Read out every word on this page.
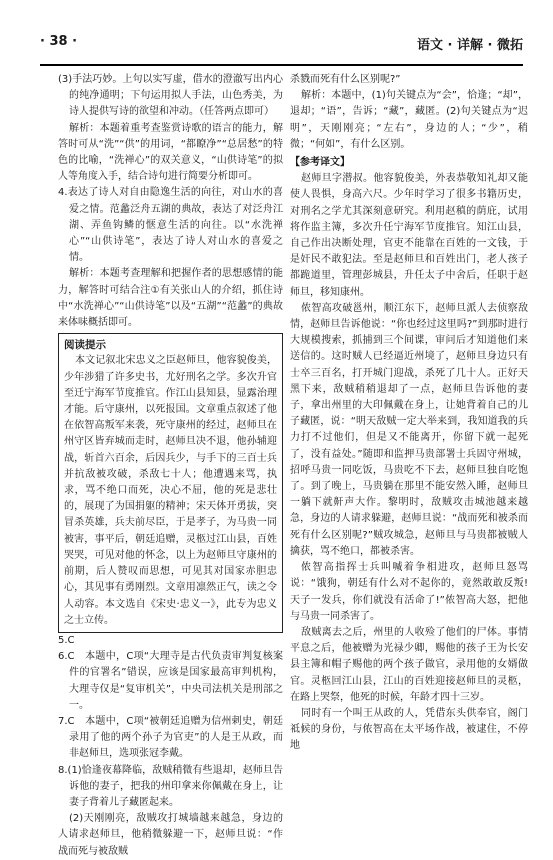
· 38 ·	语文 · 详解 · 微拓

(3)手法巧妙。上句以实写虚，借水的澄澈写出内心的纯净通明；下句运用拟人手法，山色秀美，为诗人提供写诗的欲望和冲动。（任答两点即可）

解析：本题着重考查鉴赏诗歌的语言的能力，解答时可从“洗”“供”的用词，“都瞭净”“总居愁”的特色的比喻，“洗禅心”的双关意义，“山供诗笔”的拟人等角度入手，结合诗句进行简要分析即可。

4.表达了诗人对自由隐逸生活的向往，对山水的喜爱之情。范蠡泛舟五湖的典故，表达了对泛舟江湖、弄鱼钩鳞的惬意生活的向往。以“水洗禅心”“山供诗笔”，表达了诗人对山水的喜爱之情。

解析：本题考查理解和把握作者的思想感情的能力，解答时可结合注①有关张山人的介绍，抓住诗中“水洗禅心”“山供诗笔”以及“五湖”“范蠡”的典故来体味概括即可。

阅读提示

本文记叙北宋忠义之臣赵师旦，他容貌俊美，少年涉猎了许多史书，尤好刑名之学。多次升官至迁宁海军节度推官。作江山县知县，显露治理才能。后守康州，以死报国。文章重点叙述了他在依智高叛军来袭，死守康州的经过，赵师旦在州守区皆弃城而走时，赵师旦决不退，他孙辅迎战，斩首六百余，后因兵少，与手下的三百士兵并抗敌被攻破，杀敌七十人；他遭遇来骂，执求，骂不绝口而死，决心不屈，他的死是悲壮的，展现了为国捐躯的精神；宋天体开勇拔，突冒杀英雄，兵夫前尽臣，于是孝子，为马贵一同被害，事平后，朝廷追赠，灵柩过江山县，百姓哭哭，可见对他的怀念，以上为赵师旦守康州的前期，后人赞叹而思想，可见其对国家赤胆忠心，其见事有勇刚烈。文章用凛然正气，读之令人动容。本文选自《宋史·忠义一》，此专为忠义之士立传。

5.C

6.C　本题中，C项“大理寺是古代负责审判复核案件的官署名”错误，应该是国家最高审判机构，大理寺仅是“复审机关”，中央司法机关是刑部之一。

7.C　本题中，C项“被朝廷追赠为信州剌史，朝廷录用了他的两个孙子为官吏”的人是王从政，而非赵师旦，选项张冠李戴。

8.(1)恰逢夜幕降临，敌贼稍微有些退却，赵师旦告诉他的妻子，把我的州印拿来你佩戴在身上，让妻子背着儿子藏匿起来。

(2)天刚刚亮，敌贼攻打城墙越来越急，身边的人请求赵师旦，他稍微躲避一下，赵师旦说：“作战而死与被敌贼

杀戮而死有什么区别呢?”

解析：本题中，(1)句关键点为“会”，恰逢；“却”，退却；“语”，告诉；“藏”，藏匿。(2)句关键点为“迟明”，天刚刚亮；“左右”，身边的人；“少”，稍微；“何如”，有什么区别。

【参考译文】

赵师旦字潜叔。他容貌俊美，外表恭敬知礼却又能使人畏惧，身高六尺。少年时学习了很多书籍历史，对刑名之学尤其深刻意研究。利用赵稹的荫庇，试用将作监主簿，多次升任宁海军节度推官。知江山县，自己作出决断处理，官吏不能靠在百姓的一文钱，于是奸民不敢犯法。至是赵师旦和百姓出门，老人孩子都跪道里，管理彭城县，升任太子中舍后，任职于赵师旦，移知康州。

侬智高攻破邕州，顺江东下，赵师旦派人去侦察敌情，赵师旦告诉他说：“你也经过这里吗?”到那时进行大规模搜索，抓捕到三个间谍，审问后才知道他们来送信的。这时贼人已经逼近州境了，赵师旦身边只有士卒三百名，打开城门迎战，杀死了几十人。正好天黑下来，敌贼稍稍退却了一点，赵师旦告诉他的妻子，拿出州里的大印佩戴在身上，让她背着自己的儿子藏匿，说：“明天敌贼一定大举来到，我知道我的兵力打不过他们，但是又不能离开，你留下就一起死了，没有益处。”随即和监押马贵部署士兵固守州城，招呼马贵一同吃饭，马贵吃不下去，赵师旦独自吃饱了。到了晚上，马贵躺在那里不能安然入睡，赵师旦一躺下就鼾声大作。黎明时，敌贼攻击城池越来越急，身边的人请求躲避，赵师旦说：“战而死和被杀而死有什么区别呢?”贼攻城急，赵师旦与马贵都被贼人擒获，骂不绝口，都被杀害。

侬智高指挥士兵叫喊着争相进攻，赵师旦怒骂说：“饿狗，朝廷有什么对不起你的，竟然敢敢反叛!天子一发兵，你们就没有活命了!”侬智高大怒，把他与马贵一同杀害了。

敌贼离去之后，州里的人收殓了他们的尸体。事情平息之后，他被赠为光禄少卿，赐他的孩子王为长安县主簿和帽子赐他的两个孩子做官，录用他的女婿做官。灵柩回江山县，江山的百姓迎接赵师旦的灵柩，在路上哭祭，他死的时候，年龄才四十三岁。

同时有一个叫王从政的人，凭借东头供奉官，阁门祗候的身份，与侬智高在太平场作战，被逮住，不停地
